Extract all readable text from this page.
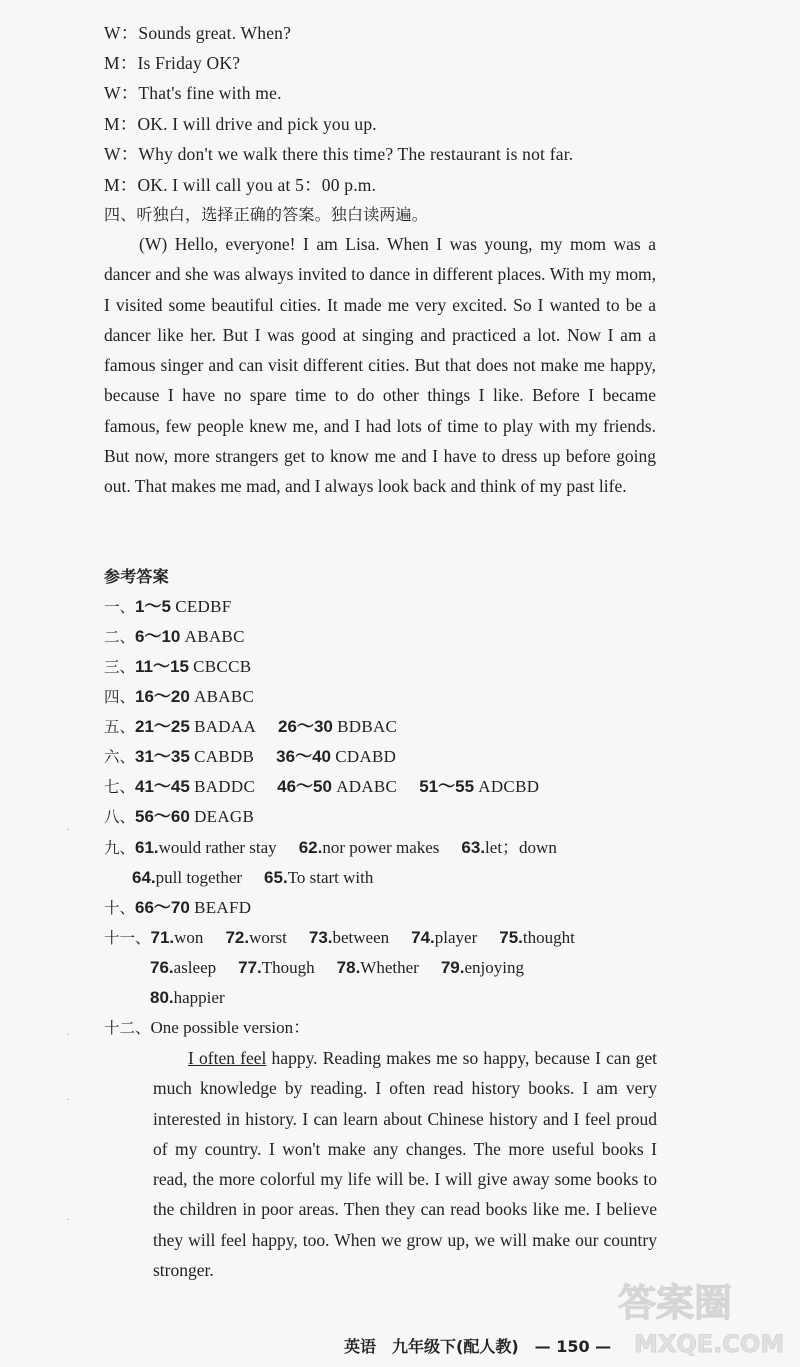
W：Sounds great. When?
M：Is Friday OK?
W：That's fine with me.
M：OK. I will drive and pick you up.
W：Why don't we walk there this time? The restaurant is not far.
M：OK. I will call you at 5：00 p.m.
四、听独白，选择正确的答案。独白读两遍。

(W) Hello, everyone! I am Lisa. When I was young, my mom was a dancer and she was always invited to dance in different places. With my mom, I visited some beautiful cities. It made me very excited. So I wanted to be a dancer like her. But I was good at singing and practiced a lot. Now I am a famous singer and can visit different cities. But that does not make me happy, because I have no spare time to do other things I like. Before I became famous, few people knew me, and I had lots of time to play with my friends. But now, more strangers get to know me and I have to dress up before going out. That makes me mad, and I always look back and think of my past life.

参考答案
一、1～5 CEDBF
二、6～10 ABABC
三、11～15 CBCCB
四、16～20 ABABC
五、21～25 BADAA 26～30 BDBAC
六、31～35 CABDB 36～40 CDABD
七、41～45 BADDC 46～50 ADABC 51～55 ADCBD
八、56～60 DEAGB
九、61.would rather stay 62.nor power makes 63.let；down
64.pull together 65.To start with
十、66～70 BEAFD
十一、71.won 72.worst 73.between 74.player 75.thought
76.asleep 77.Though 78.Whether 79.enjoying
80.happier
十二、One possible version：

I often feel happy. Reading makes me so happy, because I can get much knowledge by reading. I often read history books. I am very interested in history. I can learn about Chinese history and I feel proud of my country. I won't make any changes. The more useful books I read, the more colorful my life will be. I will give away some books to the children in poor areas. Then they can read books like me. I believe they will feel happy, too. When we grow up, we will make our country stronger.

英语　九年级下(配人教)　— 150 —
·
·
·
·
答案圈
MXQE.COM
